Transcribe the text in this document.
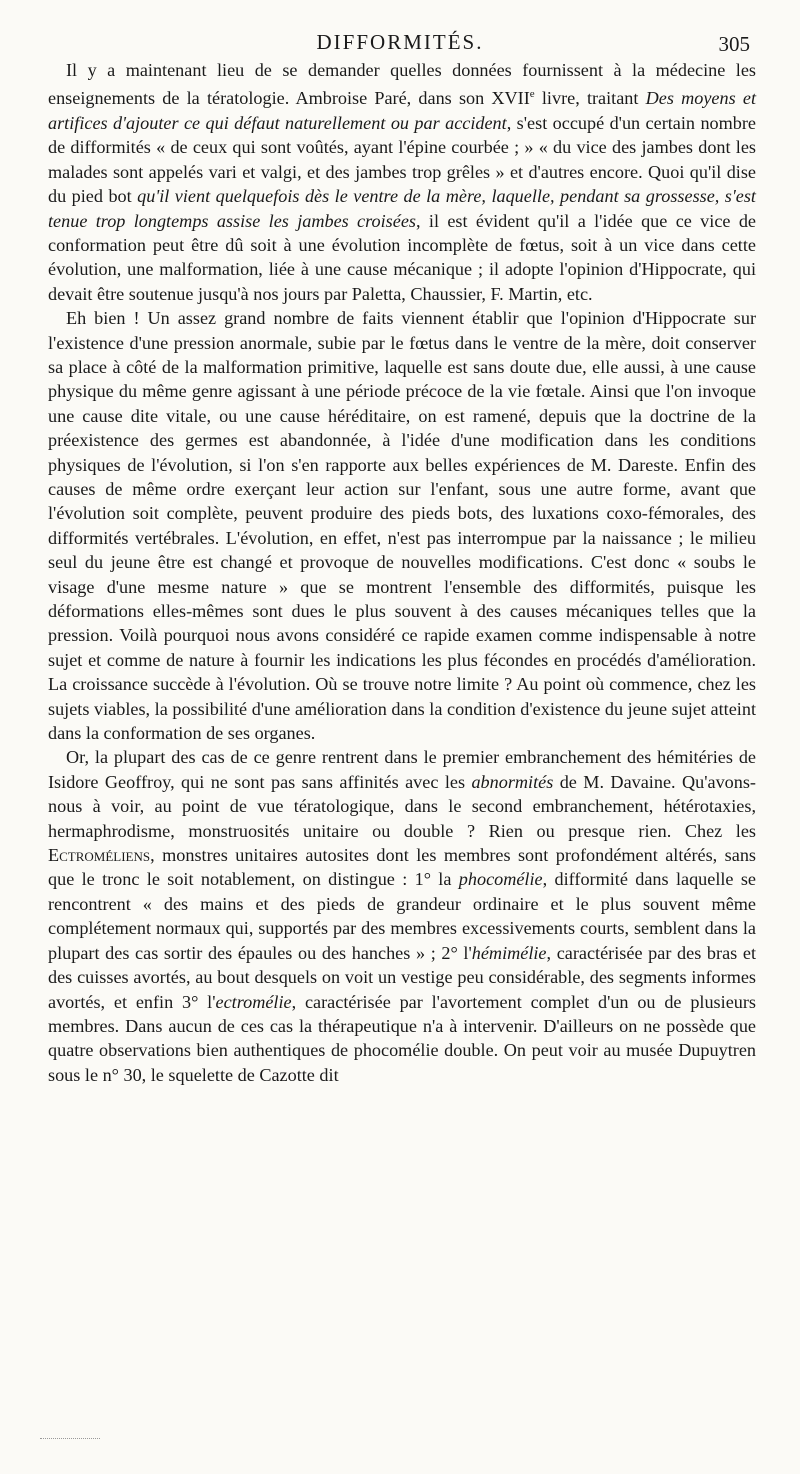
DIFFORMITÉS.	305

Il y a maintenant lieu de se demander quelles données fournissent à la médecine les enseignements de la tératologie. Ambroise Paré, dans son XVIIe livre, traitant Des moyens et artifices d'ajouter ce qui défaut naturellement ou par accident, s'est occupé d'un certain nombre de difformités « de ceux qui sont voûtés, ayant l'épine courbée ; » « du vice des jambes dont les malades sont appelés vari et valgi, et des jambes trop grêles » et d'autres encore. Quoi qu'il dise du pied bot qu'il vient quelquefois dès le ventre de la mère, laquelle, pendant sa grossesse, s'est tenue trop longtemps assise les jambes croisées, il est évident qu'il a l'idée que ce vice de conformation peut être dû soit à une évolution incomplète de fœtus, soit à un vice dans cette évolution, une malformation, liée à une cause mécanique ; il adopte l'opinion d'Hippocrate, qui devait être soutenue jusqu'à nos jours par Paletta, Chaussier, F. Martin, etc.

Eh bien ! Un assez grand nombre de faits viennent établir que l'opinion d'Hippocrate sur l'existence d'une pression anormale, subie par le fœtus dans le ventre de la mère, doit conserver sa place à côté de la malformation primitive, laquelle est sans doute due, elle aussi, à une cause physique du même genre agissant à une période précoce de la vie fœtale. Ainsi que l'on invoque une cause dite vitale, ou une cause héréditaire, on est ramené, depuis que la doctrine de la préexistence des germes est abandonnée, à l'idée d'une modification dans les conditions physiques de l'évolution, si l'on s'en rapporte aux belles expériences de M. Dareste. Enfin des causes de même ordre exerçant leur action sur l'enfant, sous une autre forme, avant que l'évolution soit complète, peuvent produire des pieds bots, des luxations coxo-fémorales, des difformités vertébrales. L'évolution, en effet, n'est pas interrompue par la naissance ; le milieu seul du jeune être est changé et provoque de nouvelles modifications. C'est donc « soubs le visage d'une mesme nature » que se montrent l'ensemble des difformités, puisque les déformations elles-mêmes sont dues le plus souvent à des causes mécaniques telles que la pression. Voilà pourquoi nous avons considéré ce rapide examen comme indispensable à notre sujet et comme de nature à fournir les indications les plus fécondes en procédés d'amélioration. La croissance succède à l'évolution. Où se trouve notre limite ? Au point où commence, chez les sujets viables, la possibilité d'une amélioration dans la condition d'existence du jeune sujet atteint dans la conformation de ses organes.

Or, la plupart des cas de ce genre rentrent dans le premier embranchement des hémitéries de Isidore Geoffroy, qui ne sont pas sans affinités avec les abnormités de M. Davaine. Qu'avons-nous à voir, au point de vue tératologique, dans le second embranchement, hétérotaxies, hermaphrodisme, monstruosités unitaire ou double ? Rien ou presque rien. Chez les Ectroméliens, monstres unitaires autosites dont les membres sont profondément altérés, sans que le tronc le soit notablement, on distingue : 1° la phocomélie, difformité dans laquelle se rencontrent « des mains et des pieds de grandeur ordinaire et le plus souvent même complétement normaux qui, supportés par des membres excessivements courts, semblent dans la plupart des cas sortir des épaules ou des hanches » ; 2° l'hémimélie, caractérisée par des bras et des cuisses avortés, au bout desquels on voit un vestige peu considérable, des segments informes avortés, et enfin 3° l'ectromélie, caractérisée par l'avortement complet d'un ou de plusieurs membres. Dans aucun de ces cas la thérapeutique n'a à intervenir. D'ailleurs on ne possède que quatre observations bien authentiques de phocomélie double. On peut voir au musée Dupuytren sous le n° 30, le squelette de Cazotte dit
